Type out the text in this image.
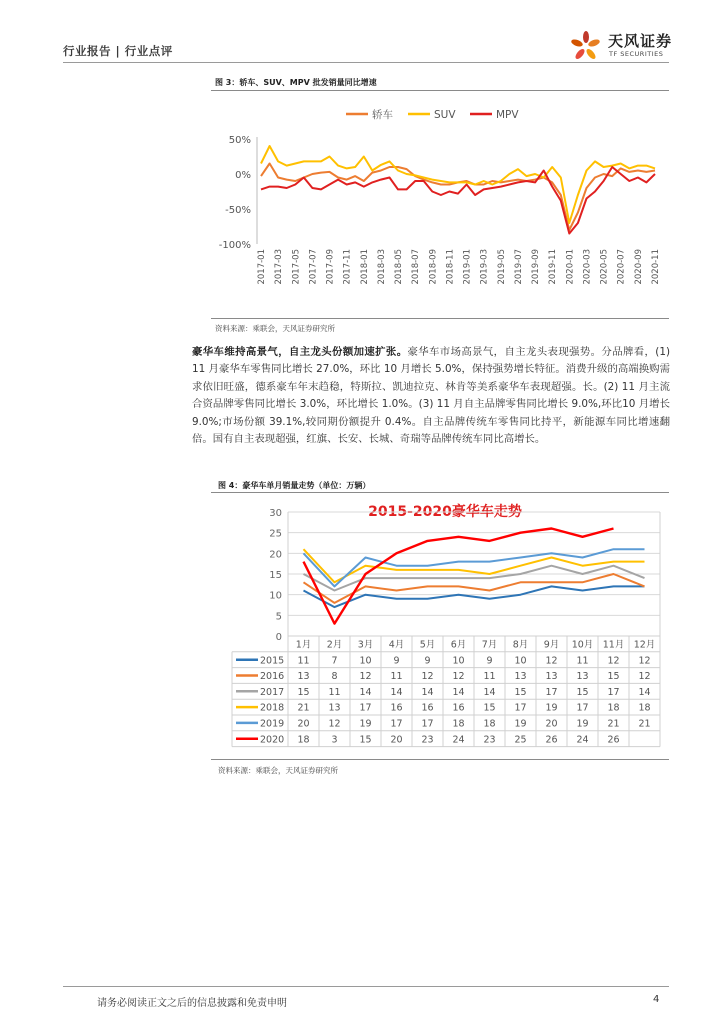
行业报告 | 行业点评
天风证券
TF SECURITIES
图 3：轿车、SUV、MPV 批发销量同比增速
轿车	SUV	MPV
50%
0%
-50%
-100%
2017-01 2017-03 2017-05 2017-07 2017-09 2017-11 2018-01 2018-03 2018-05 2018-07 2018-09 2018-11 2019-01 2019-03 2019-05 2019-07 2019-09 2019-11 2020-01 2020-03 2020-05 2020-07 2020-09 2020-11
资料来源：乘联会，天风证券研究所

豪华车维持高景气，自主龙头份额加速扩张。豪华车市场高景气，自主龙头表现强势。分品牌看，(1) 11 月豪华车零售同比增长 27.0%，环比 10 月增长 5.0%，保持强势增长特征。消费升级的高端换购需求依旧旺盛，德系豪车年末趋稳，特斯拉、凯迪拉克、林肯等美系豪华车表现超强。长。(2) 11 月主流合资品牌零售同比增长 3.0%，环比增长 1.0%。(3) 11 月自主品牌零售同比增长 9.0%,环比10 月增长 9.0%;市场份额 39.1%,较同期份额提升 0.4%。自主品牌传统车零售同比持平，新能源车同比增速翻倍。国有自主表现超强，红旗、长安、长城、奇瑞等品牌传统车同比高增长。

图 4：豪华车单月销量走势（单位：万辆）
2015-2020豪华车走势
0
5
10
15
20
25
30
1月 2月 3月 4月 5月 6月 7月 8月 9月 10月 11月 12月
2015 11 7 10 9	9 10 9 10 12 11 12 12
2016 13 8 12 11 12 12 11 13 13 13 15 12
2017 15 11 14 14 14 14 14 15 17 15 17 14
2018 21 13 17 16 16 16 15 17 19 17 18 18
2019 20 12 19 17 17 18 18 19 20 19 21 21
2020 18 3 15 20 23 24 23 25 26 24 26
资料来源：乘联会，天风证券研究所
请务必阅读正文之后的信息披露和免责申明	4
